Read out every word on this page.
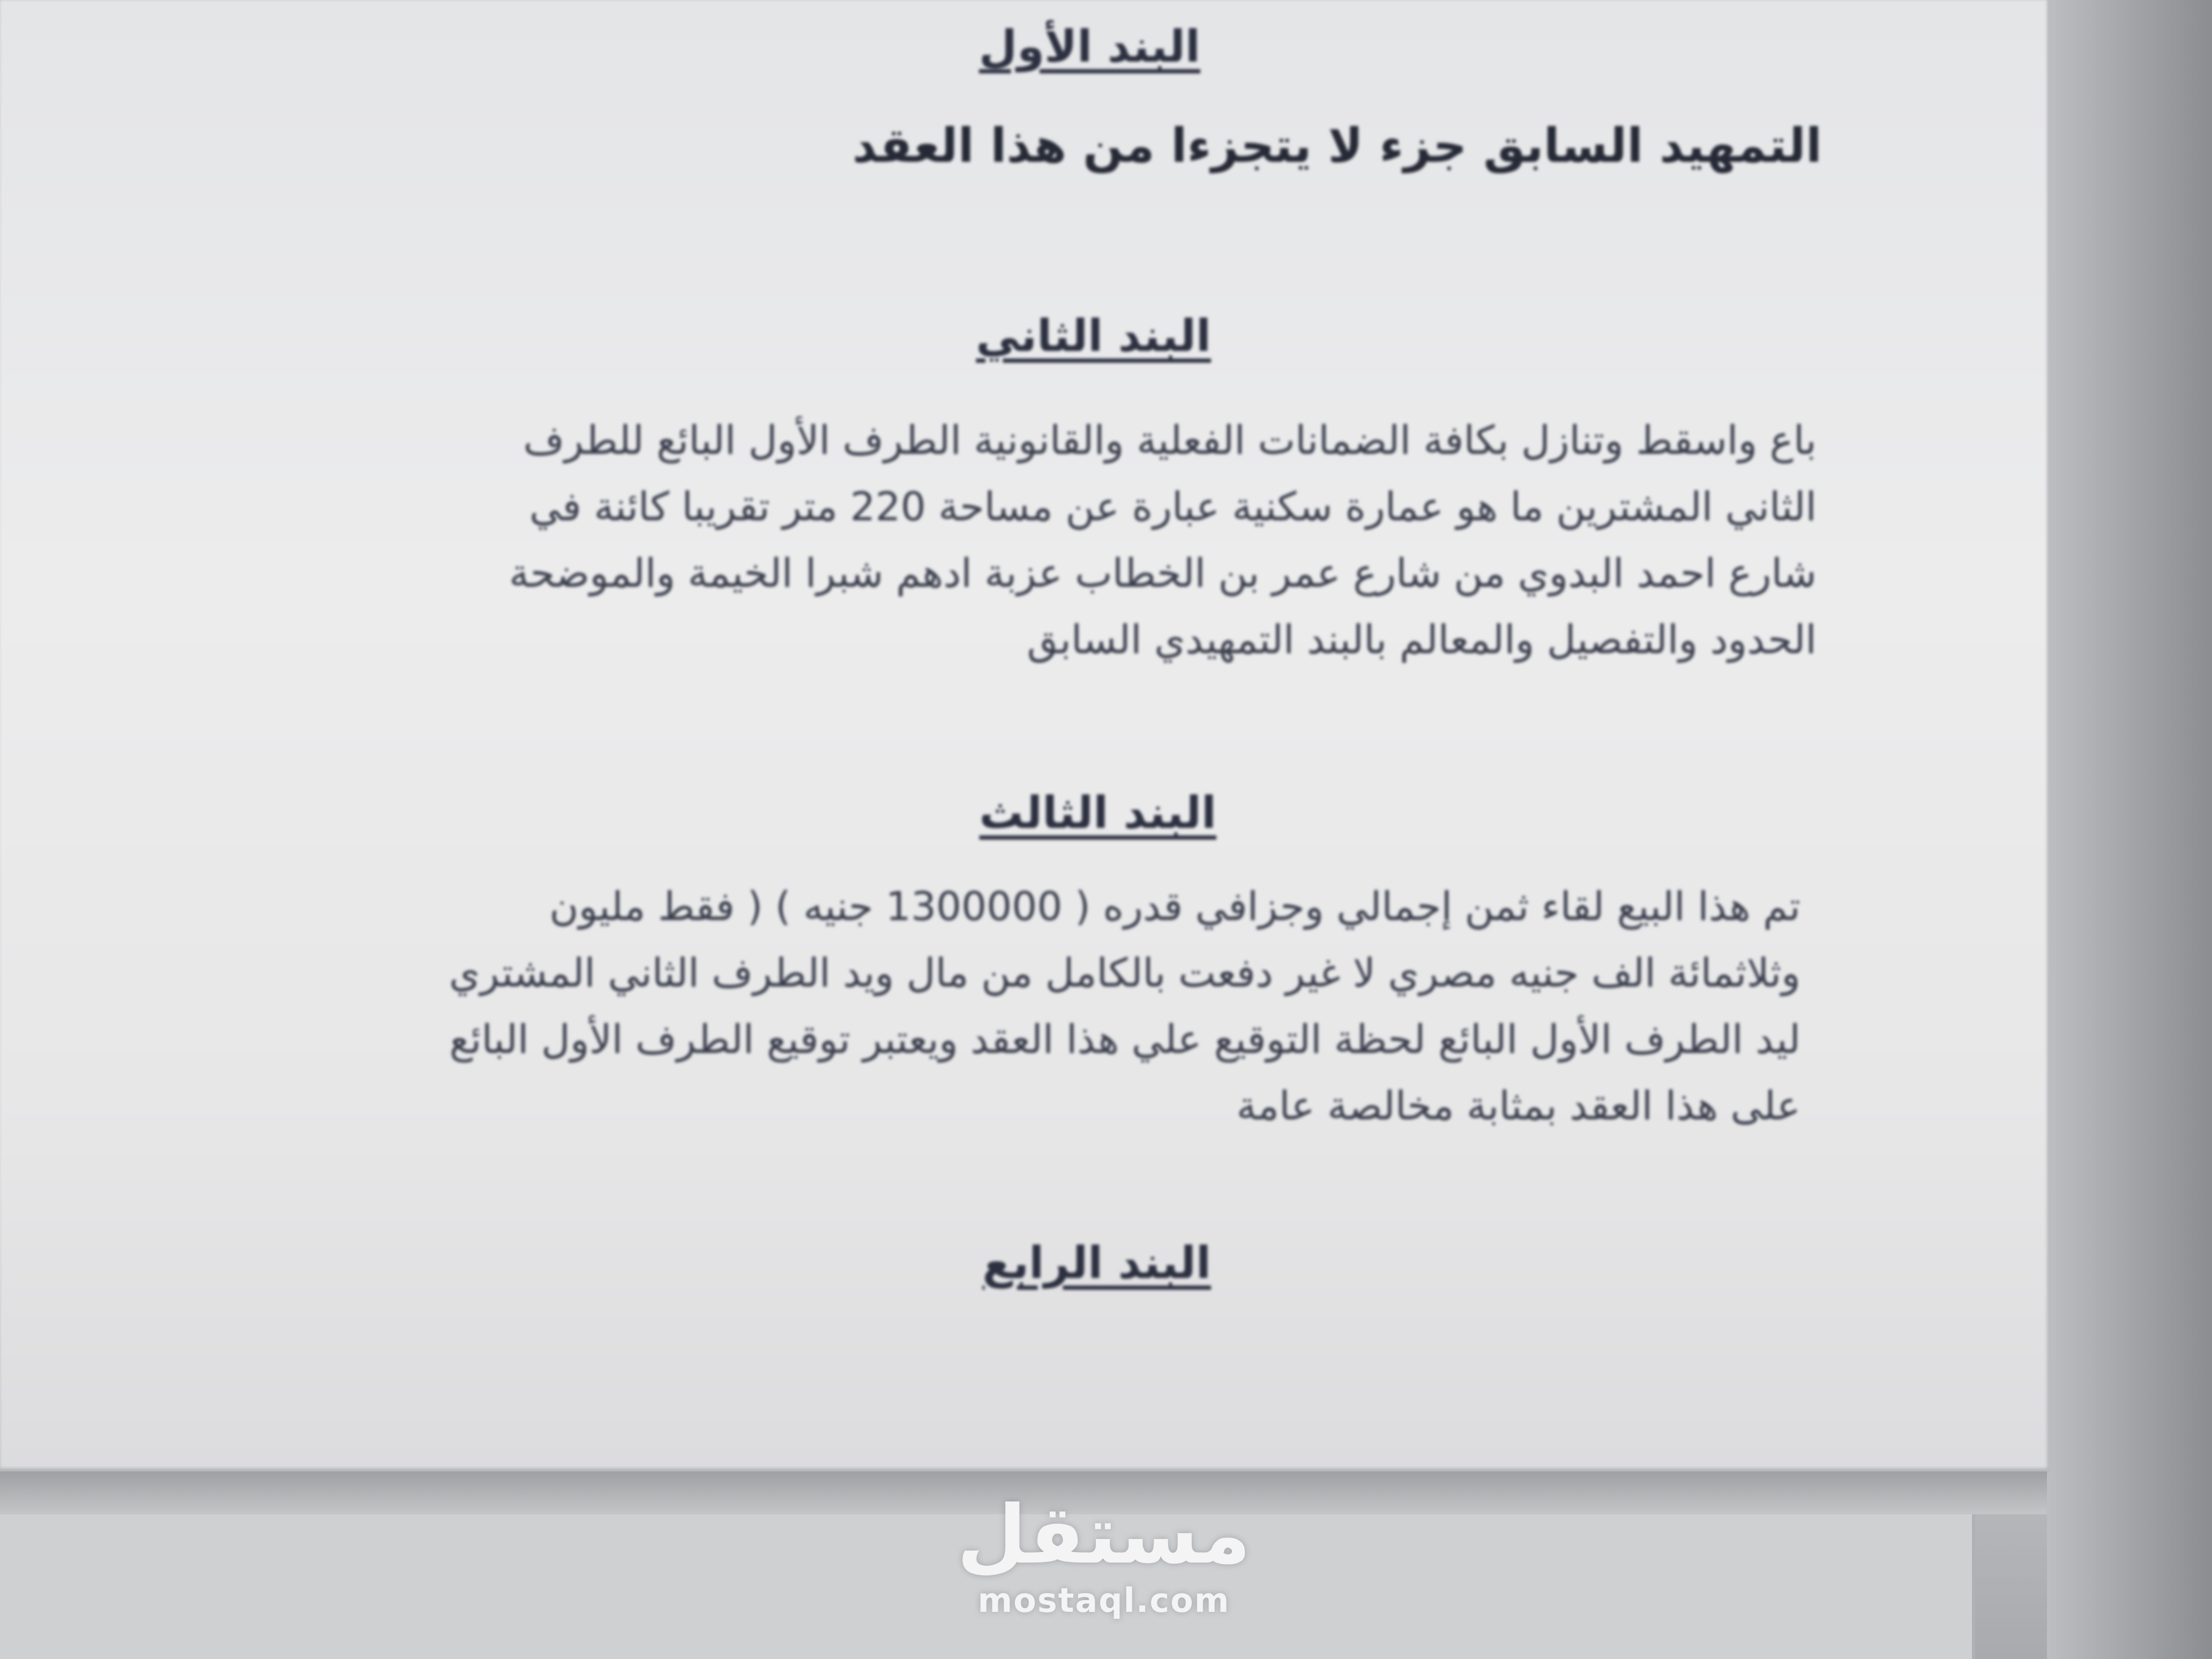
البند الأول
التمهيد السابق جزء لا يتجزءا من هذا العقد
البند الثاني
باع واسقط وتنازل بكافة الضمانات الفعلية والقانونية الطرف الأول البائع للطرف
الثاني المشترين ما هو عمارة سكنية عبارة عن مساحة 220 متر تقريبا كائنة في
شارع احمد البدوي من شارع عمر بن الخطاب عزبة ادهم شبرا الخيمة والموضحة
الحدود والتفصيل والمعالم بالبند التمهيدي السابق
البند الثالث
تم هذا البيع لقاء ثمن إجمالي وجزافي قدره ( 1300000 جنيه ) ( فقط مليون
وثلاثمائة الف جنيه مصري لا غير دفعت بالكامل من مال ويد الطرف الثاني المشتري
ليد الطرف الأول البائع لحظة التوقيع علي هذا العقد ويعتبر توقيع الطرف الأول البائع
على هذا العقد بمثابة مخالصة عامة
البند الرابع
مستقل
mostaql.com
